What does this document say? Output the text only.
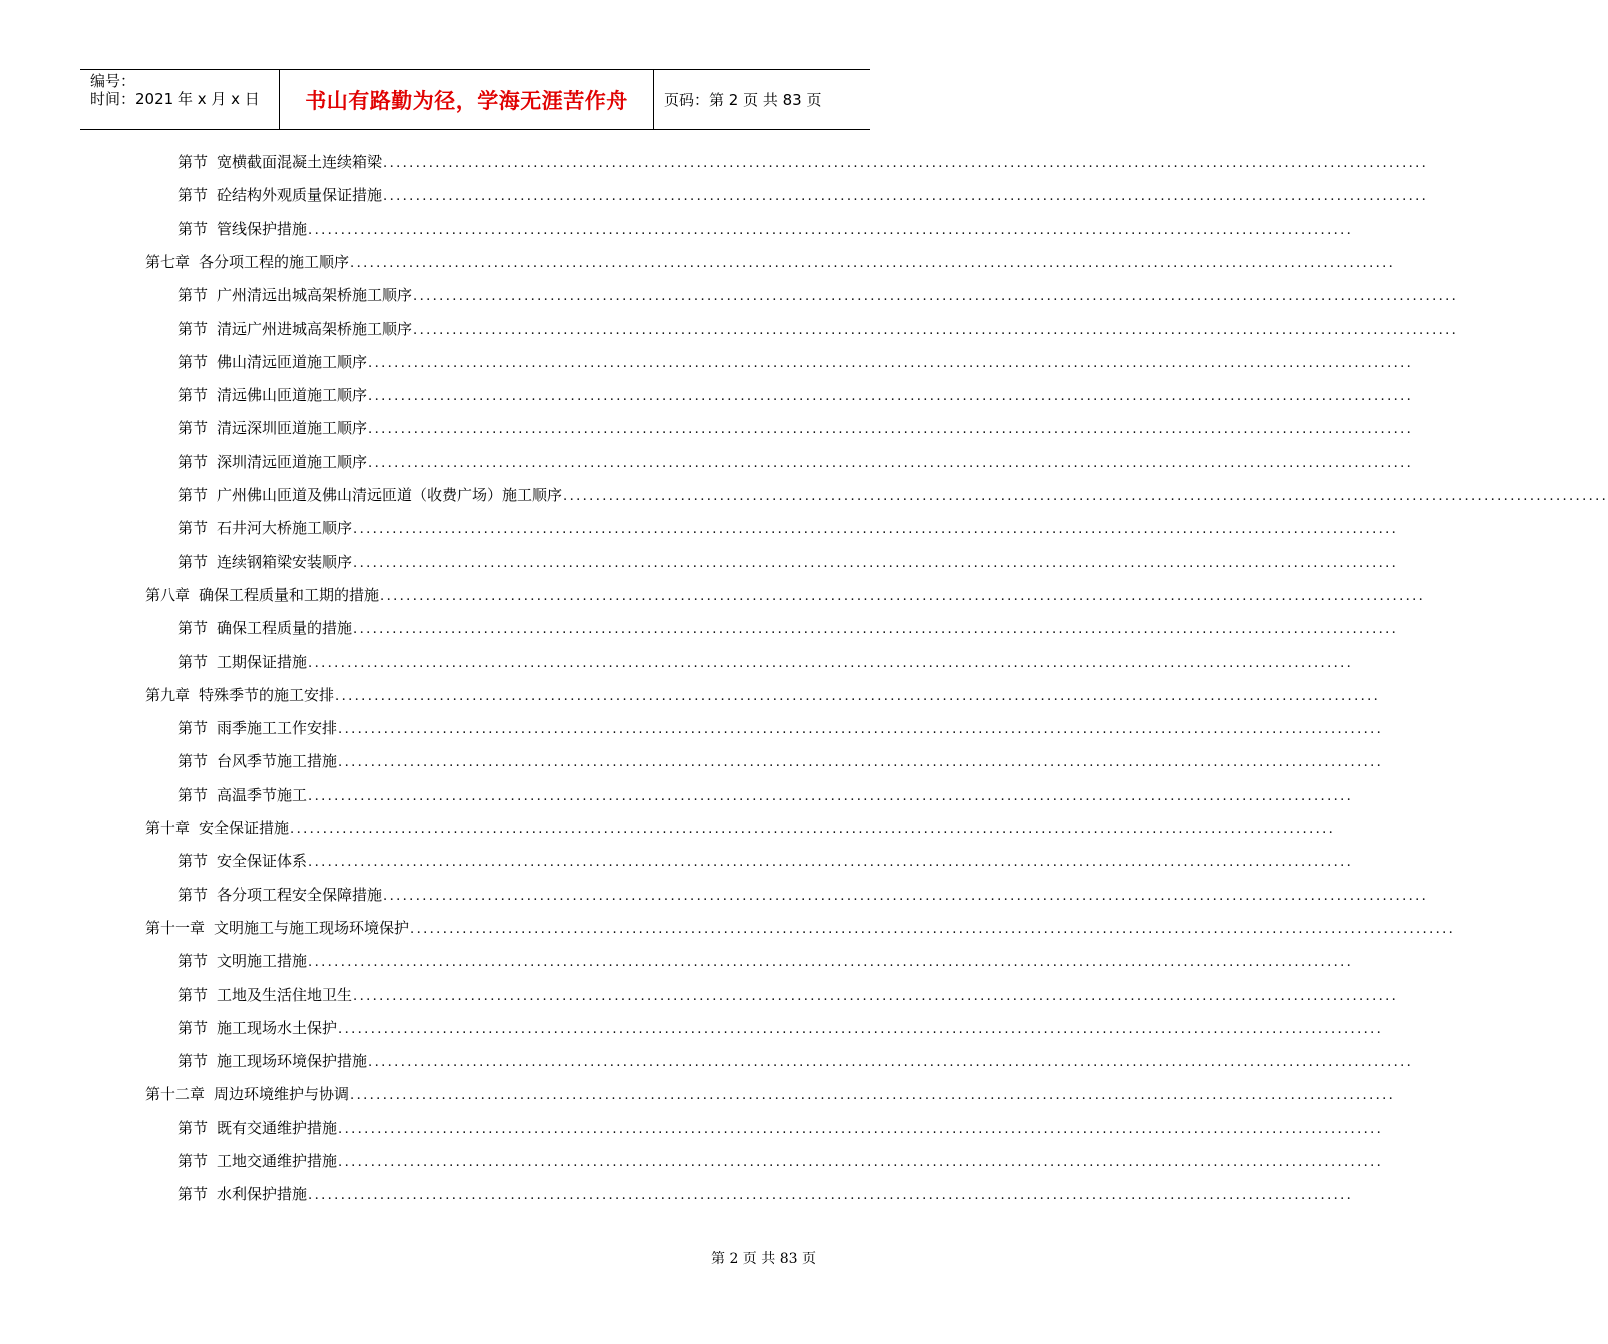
编号：
时间：2021 年 x 月 x 日	书山有路勤为径，学海无涯苦作舟	页码：第 2 页 共 83 页
第节 宽横截面混凝土连续箱梁 ................................................................................................................................................................
第节 砼结构外观质量保证措施 ................................................................................................................................................................
第节 管线保护措施 ................................................................................................................................................................
第七章 各分项工程的施工顺序 ................................................................................................................................................................
第节 广州清远出城高架桥施工顺序 ................................................................................................................................................................
第节 清远广州进城高架桥施工顺序 ................................................................................................................................................................
第节 佛山清远匝道施工顺序 ................................................................................................................................................................
第节 清远佛山匝道施工顺序 ................................................................................................................................................................
第节 清远深圳匝道施工顺序 ................................................................................................................................................................
第节 深圳清远匝道施工顺序 ................................................................................................................................................................
第节 广州佛山匝道及佛山清远匝道（收费广场）施工顺序 ................................................................................................................................................................
第节 石井河大桥施工顺序 ................................................................................................................................................................
第节 连续钢箱梁安装顺序 ................................................................................................................................................................
第八章 确保工程质量和工期的措施 ................................................................................................................................................................
第节 确保工程质量的措施 ................................................................................................................................................................
第节 工期保证措施 ................................................................................................................................................................
第九章 特殊季节的施工安排 ................................................................................................................................................................
第节 雨季施工工作安排 ................................................................................................................................................................
第节 台风季节施工措施 ................................................................................................................................................................
第节 高温季节施工 ................................................................................................................................................................
第十章 安全保证措施 ................................................................................................................................................................
第节 安全保证体系 ................................................................................................................................................................
第节 各分项工程安全保障措施 ................................................................................................................................................................
第十一章 文明施工与施工现场环境保护 ................................................................................................................................................................
第节 文明施工措施 ................................................................................................................................................................
第节 工地及生活住地卫生 ................................................................................................................................................................
第节 施工现场水土保护 ................................................................................................................................................................
第节 施工现场环境保护措施 ................................................................................................................................................................
第十二章 周边环境维护与协调 ................................................................................................................................................................
第节 既有交通维护措施 ................................................................................................................................................................
第节 工地交通维护措施 ................................................................................................................................................................
第节 水利保护措施 ................................................................................................................................................................
第 2 页 共 83 页
